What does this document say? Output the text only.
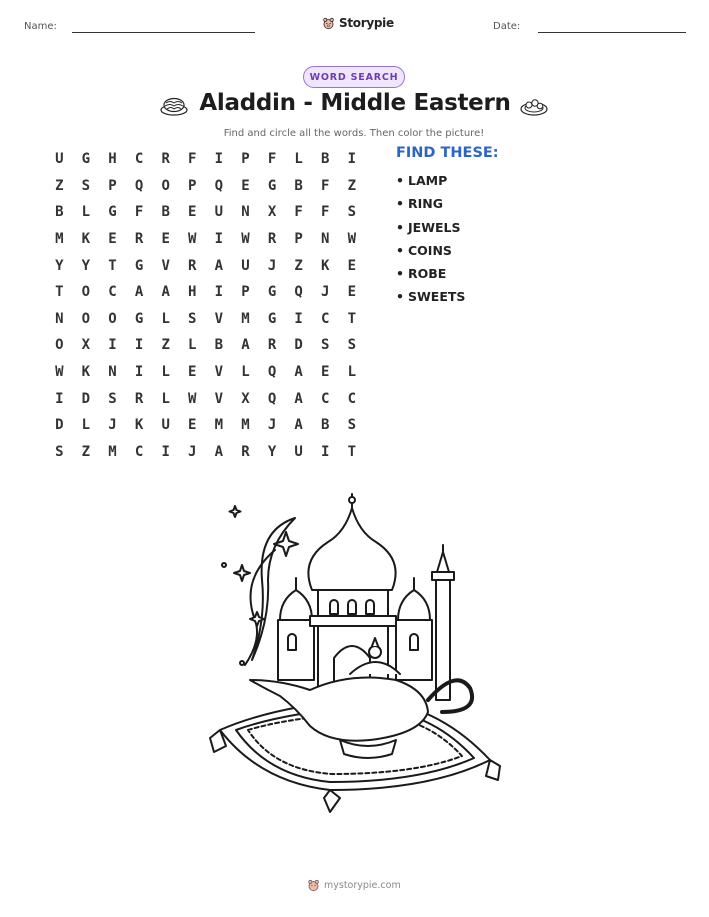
Name:	Storypie	Date:
WORD SEARCH
Aladdin - Middle Eastern
Find and circle all the words. Then color the picture!
U	G	H	C	R	F	I	P	F	L	B	I
Z	S	P	Q	O	P	Q	E	G	B	F	Z
B	L	G	F	B	E	U	N	X	F	F	S
M	K	E	R	E	W	I	W	R	P	N	W
Y	Y	T	G	V	R	A	U	J	Z	K	E
T	O	C	A	A	H	I	P	G	Q	J	E
N	O	O	G	L	S	V	M	G	I	C	T
O	X	I	I	Z	L	B	A	R	D	S	S
W	K	N	I	L	E	V	L	Q	A	E	L
I	D	S	R	L	W	V	X	Q	A	C	C
D	L	J	K	U	E	M	M	J	A	B	S
S	Z	M	C	I	J	A	R	Y	U	I	T
FIND THESE:
• LAMP
• RING
• JEWELS
• COINS
• ROBE
• SWEETS
mystorypie.com
